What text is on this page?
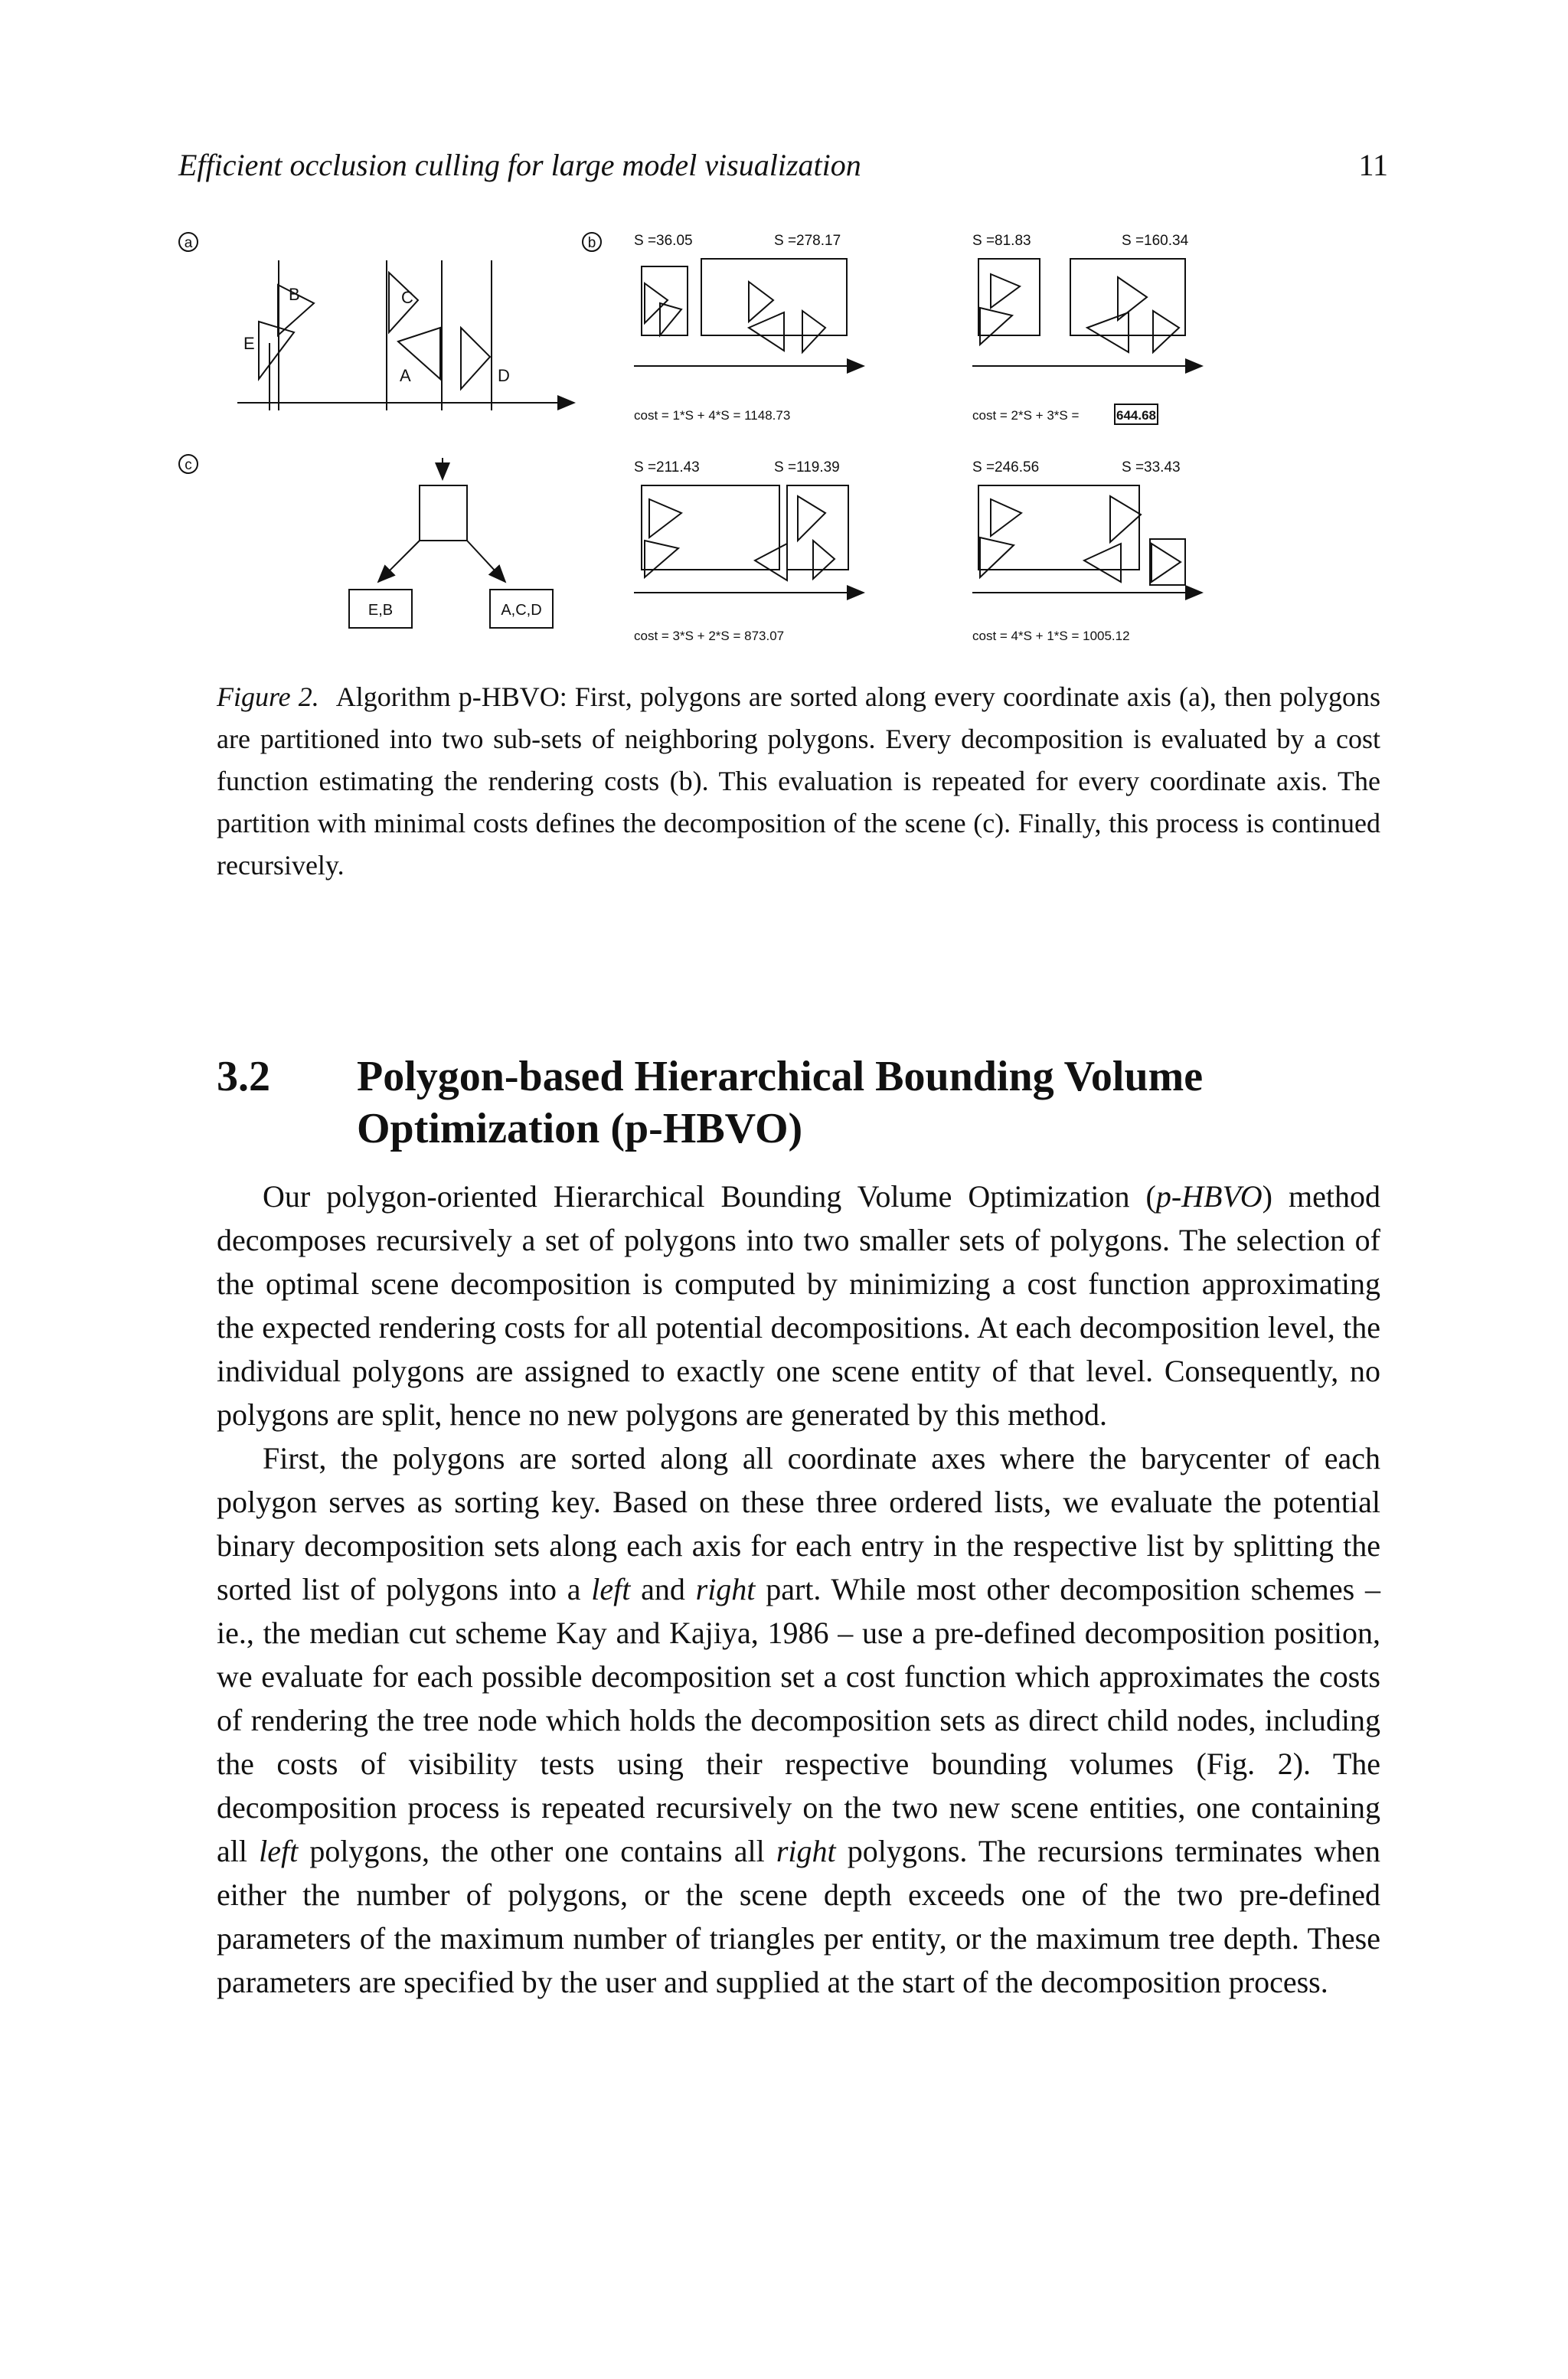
Efficient occlusion culling for large model visualization	11
a
B	C
A	D
E
c
E,B	A,C,D
b	S =36.05	S =278.17
cost = 1*S + 4*S = 1148.73
S =81.83	S =160.34
cost = 2*S + 3*S =	644.68
S =211.43	S =119.39
cost = 3*S + 2*S = 873.07
S =246.56	S =33.43
cost = 4*S + 1*S = 1005.12
Figure 2. Algorithm p-HBVO: First, polygons are sorted along every coordinate axis (a), then polygons are partitioned into two sub-sets of neighboring polygons. Every decomposition is evaluated by a cost function estimating the rendering costs (b). This evaluation is repeated for every coordinate axis. The partition with minimal costs defines the decomposition of the scene (c). Finally, this process is continued recursively.
3.2 Polygon-based Hierarchical Bounding Volume Optimization (p-HBVO)

Our polygon-oriented Hierarchical Bounding Volume Optimization (p-HBVO) method decomposes recursively a set of polygons into two smaller sets of polygons. The selection of the optimal scene decomposition is computed by minimizing a cost function approximating the expected rendering costs for all potential decompositions. At each decomposition level, the individual polygons are assigned to exactly one scene entity of that level. Consequently, no polygons are split, hence no new polygons are generated by this method.

First, the polygons are sorted along all coordinate axes where the barycenter of each polygon serves as sorting key. Based on these three ordered lists, we evaluate the potential binary decomposition sets along each axis for each entry in the respective list by splitting the sorted list of polygons into a left and right part. While most other decomposition schemes – ie., the median cut scheme Kay and Kajiya, 1986 – use a pre-defined decomposition position, we evaluate for each possible decomposition set a cost function which approximates the costs of rendering the tree node which holds the decomposition sets as direct child nodes, including the costs of visibility tests using their respective bounding volumes (Fig. 2). The decomposition process is repeated recursively on the two new scene entities, one containing all left polygons, the other one contains all right polygons. The recursions terminates when either the number of polygons, or the scene depth exceeds one of the two pre-defined parameters of the maximum number of triangles per entity, or the maximum tree depth. These parameters are specified by the user and supplied at the start of the decomposition process.
